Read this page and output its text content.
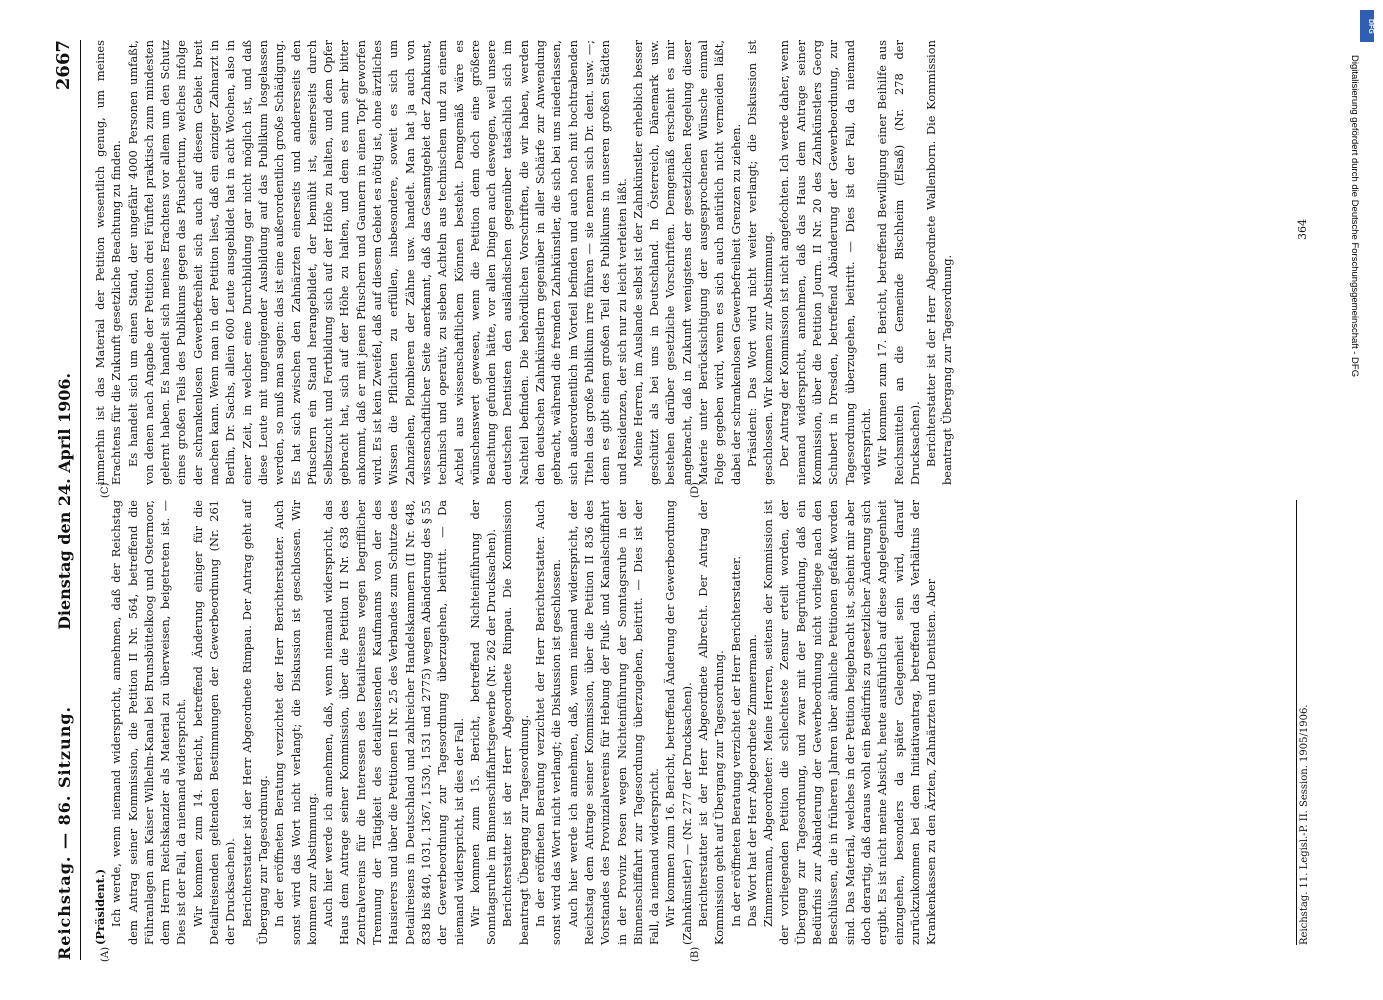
Reichstag. — 86. Sitzung.
Dienstag den 24. April 1906.
2667
(A)	(B)
(C)	(D)

(Präsident.) Ich werde, wenn niemand widerspricht, annehmen, daß der Reichstag dem Antrag seiner Kommission, die Petition II Nr. 564, betreffend die Führanlagen am Kaiser Wilhelm-Kanal bei Brunsbüttelkoog und Ostermoor, dem Herrn Reichskanzler als Material zu überweisen, beigetreten ist. — Dies ist der Fall, da niemand widerspricht. Wir kommen zum 14. Bericht, betreffend Änderung einiger für die Detailreisenden geltenden Bestimmungen der Gewerbeordnung (Nr. 261 der Drucksachen). Berichterstatter ist der Herr Abgeordnete Rimpau. Der Antrag geht auf Übergang zur Tagesordnung. In der eröffneten Beratung verzichtet der Herr Berichterstatter. Auch sonst wird das Wort nicht verlangt; die Diskussion ist geschlossen. Wir kommen zur Abstimmung. Auch hier werde ich annehmen, daß, wenn niemand widerspricht, das Haus dem Antrage seiner Kommission, über die Petition II Nr. 638 des Zentralvereins für die Interessen des Detailreisens wegen begrifflicher Trennung der Tätigkeit des detailreisenden Kaufmanns von der des Hausierers und über die Petitionen II Nr. 25 des Verbandes zum Schutze des Detailreisens in Deutschland und zahlreicher Handelskammern (II Nr. 648, 838 bis 840, 1031, 1367, 1530, 1531 und 2775) wegen Abänderung des § 55 der Gewerbeordnung zur Tagesordnung überzugehen, beitritt. — Da niemand widerspricht, ist dies der Fall. Wir kommen zum 15. Bericht, betreffend Nichteinführung der Sonntagsruhe im Binnenschiffahrtsgewerbe (Nr. 262 der Drucksachen). Berichterstatter ist der Herr Abgeordnete Rimpau. Die Kommission beantragt Übergang zur Tagesordnung. In der eröffneten Beratung verzichtet der Herr Berichterstatter. Auch sonst wird das Wort nicht verlangt; die Diskussion ist geschlossen. Auch hier werde ich annehmen, daß, wenn niemand widerspricht, der Reichstag dem Antrage seiner Kommission, über die Petition II 836 des Vorstandes des Provinzialvereins für Hebung der Fluß- und Kanalschiffahrt in der Provinz Posen wegen Nichteinführung der Sonntagsruhe in der Binnenschiffahrt zur Tagesordnung überzugehen, beitritt. — Dies ist der Fall, da niemand widerspricht. Wir kommen zum 16. Bericht, betreffend Änderung der Gewerbeordnung (Zahnkünstler) — (Nr. 277 der Drucksachen). Berichterstatter ist der Herr Abgeordnete Albrecht. Der Antrag der Kommission geht auf Übergang zur Tagesordnung. In der eröffneten Beratung verzichtet der Herr Berichterstatter. Das Wort hat der Herr Abgeordnete Zimmermann. Zimmermann, Abgeordneter: Meine Herren, seitens der Kommission ist der vorliegenden Petition die schlechteste Zensur erteilt worden, der Übergang zur Tagesordnung, und zwar mit der Begründung, daß ein Bedürfnis zur Abänderung der Gewerbeordnung nicht vorliege nach den Beschlüssen, die in früheren Jahren über ähnliche Petitionen gefaßt worden sind. Das Material, welches in der Petition beigebracht ist, scheint mir aber doch derartig, daß daraus wohl ein Bedürfnis zu gesetzlicher Änderung sich ergibt. Es ist nicht meine Absicht, heute ausführlich auf diese Angelegenheit einzugehen, besonders da später Gelegenheit sein wird, darauf zurückzukommen bei dem Initiativantrag, betreffend das Verhältnis der Krankenkassen zu den Ärzten, Zahnärzten und Dentisten. Aber

immerhin ist das Material der Petition wesentlich genug, um meines Erachtens für die Zukunft gesetzliche Beachtung zu finden. Es handelt sich um einen Stand, der ungefähr 4000 Personen umfaßt, von denen nach Angabe der Petition drei Fünftel praktisch zum mindesten gelernt haben. Es handelt sich meines Erachtens vor allem um den Schutz eines großen Teils des Publikums gegen das Pfuschertum, welches infolge der schrankenlosen Gewerbefreiheit sich auch auf diesem Gebiet breit machen kann. Wenn man in der Petition liest, daß ein einziger Zahnarzt in Berlin, Dr. Sachs, allein 600 Leute ausgebildet hat in acht Wochen, also in einer Zeit, in welcher eine Durchbildung gar nicht möglich ist, und daß diese Leute mit ungenügender Ausbildung auf das Publikum losgelassen werden, so muß man sagen: das ist eine außerordentlich große Schädigung. Es hat sich zwischen den Zahnärzten einerseits und andererseits den Pfuschern ein Stand herangebildet, der bemüht ist, seinerseits durch Selbstzucht und Fortbildung sich auf der Höhe zu halten, und dem Opfer gebracht hat, sich auf der Höhe zu halten, und dem es nun sehr bitter ankommt, daß er mit jenen Pfuschern und Gaunern in einen Topf geworfen wird. Es ist kein Zweifel, daß auf diesem Gebiet es nötig ist, ohne ärztliches Wissen die Pflichten zu erfüllen, insbesondere, soweit es sich um Zahnziehen, Plombieren der Zähne usw. handelt. Man hat ja auch von wissenschaftlicher Seite anerkannt, daß das Gesamtgebiet der Zahnkunst, technisch und operativ, zu sieben Achteln aus technischem und zu einem Achtel aus wissenschaftlichem Können besteht. Demgemäß wäre es wünschenswert gewesen, wenn die Petition denn doch eine größere Beachtung gefunden hätte, vor allen Dingen auch deswegen, weil unsere deutschen Dentisten den ausländischen gegenüber tatsächlich sich im Nachteil befinden. Die behördlichen Vorschriften, die wir haben, werden den deutschen Zahnkünstlern gegenüber in aller Schärfe zur Anwendung gebracht, während die fremden Zahnkünstler, die sich bei uns niederlassen, sich außerordentlich im Vorteil befinden und auch noch mit hochtrabenden Titeln das große Publikum irre führen — sie nennen sich Dr. dent. usw. —; denn es gibt einen großen Teil des Publikums in unseren großen Städten und Residenzen, der sich nur zu leicht verleiten läßt. Meine Herren, im Auslande selbst ist der Zahnkünstler erheblich besser geschützt als bei uns in Deutschland. In Österreich, Dänemark usw. bestehen darüber gesetzliche Vorschriften. Demgemäß erscheint es mir angebracht, daß in Zukunft wenigstens der gesetzlichen Regelung dieser Materie unter Berücksichtigung der ausgesprochenen Wünsche einmal Folge gegeben wird, wenn es sich auch natürlich nicht vermeiden läßt, dabei der schrankenlosen Gewerbefreiheit Grenzen zu ziehen. Präsident: Das Wort wird nicht weiter verlangt; die Diskussion ist geschlossen. Wir kommen zur Abstimmung. Der Antrag der Kommission ist nicht angefochten. Ich werde daher, wenn niemand widerspricht, annehmen, daß das Haus dem Antrage seiner Kommission, über die Petition Journ. II Nr. 20 des Zahnkünstlers Georg Schubert in Dresden, betreffend Abänderung der Gewerbeordnung, zur Tagesordnung überzugehen, beitritt. — Dies ist der Fall, da niemand widerspricht. Wir kommen zum 17. Bericht, betreffend Bewilligung einer Beihilfe aus Reichsmitteln an die Gemeinde Bischheim (Elsaß) (Nr. 278 der Drucksachen). Berichterstatter ist der Herr Abgeordnete Wallenborn. Die Kommission beantragt Übergang zur Tagesordnung.

Reichstag. 11. Legisl.-P. II. Session. 1905/1906.
364
DFG
Digitalisierung gefördert durch die Deutsche Forschungsgemeinschaft - DFG
